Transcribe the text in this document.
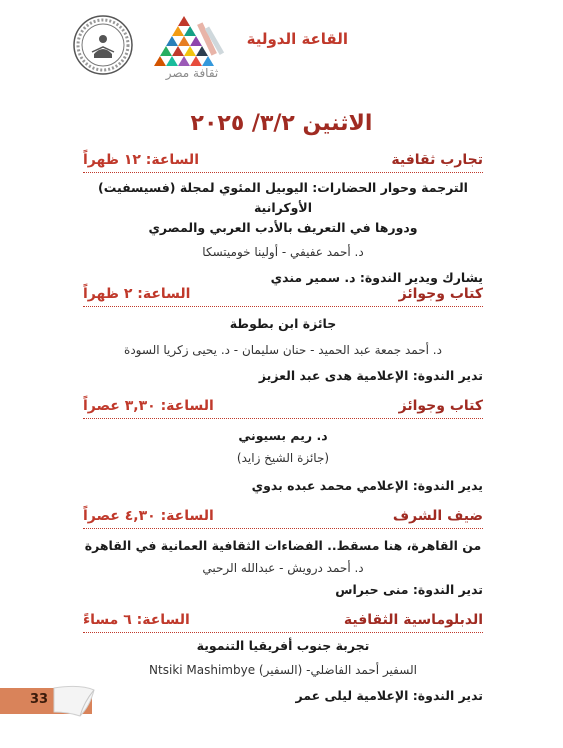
ثقافة مصر
القاعة الدولية
الاثنين ٣/٢/ ٢٠٢٥
تجارب ثقافية
الساعة: ١٢ ظهراً
الترجمة وحوار الحضارات: اليوبيل المئوي لمجلة (فسيسفيت) الأوكرانية
ودورها في التعريف بالأدب العربي والمصري
د. أحمد عفيفي - أولينا خوميتسكا
يشارك ويدير الندوة: د. سمير مندي
كتاب وجوائز
الساعة: ٢ ظهراً
جائزة ابن بطوطة
د. أحمد جمعة عبد الحميد - حنان سليمان - د. يحيى زكريا السودة
تدير الندوة: الإعلامية هدى عبد العزيز
كتاب وجوائز
الساعة: ٣,٣٠ عصراً
د. ريم بسيوني
(جائزة الشيخ زايد)
يدير الندوة: الإعلامي محمد عبده بدوي
ضيف الشرف
الساعة: ٤,٣٠ عصراً
من القاهرة، هنا مسقط.. الفضاءات الثقافية العمانية في القاهرة
د. أحمد درويش - عبدالله الرحبي
تدير الندوة: منى حبراس
الدبلوماسية الثقافية
الساعة: ٦ مساءً
تجربة جنوب أفريقيا التنموية
السفير أحمد الفاضلي- (السفير) Ntsiki Mashimbye
تدير الندوة: الإعلامية ليلى عمر
33
